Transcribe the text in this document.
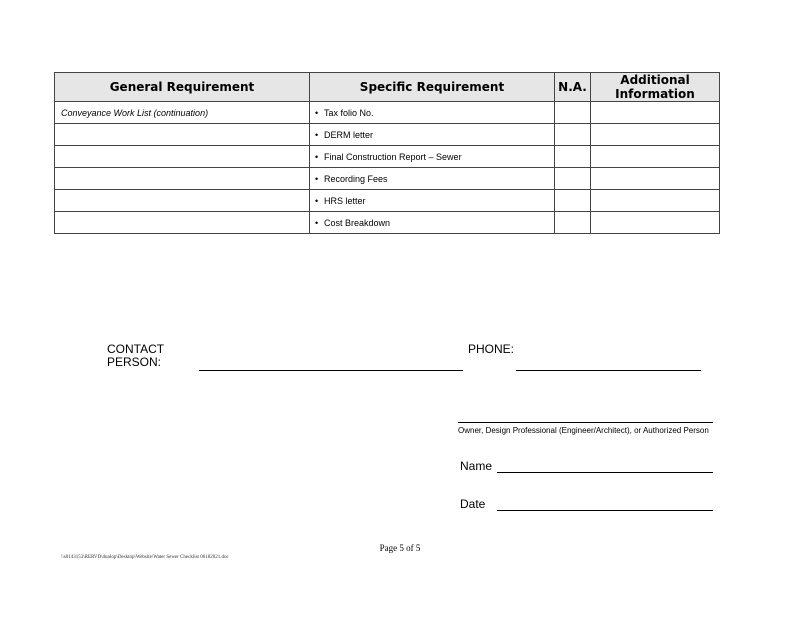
General Requirement	Specific Requirement	N.A.	Additional Information
Conveyance Work List (continuation)	• Tax folio No.		
	• DERM letter		
	• Final Construction Report – Sewer		
	• Recording Fees		
	• HRS letter		
	• Cost Breakdown		
CONTACT
PERSON:
PHONE:
Owner, Design Professional (Engineer/Architect), or Authorized Person
Name
Date
Page 5 of 5
\\s0143153\RERVD\dunlop\Desktop\Website\Water Sewer Checklist 06182021.doc
